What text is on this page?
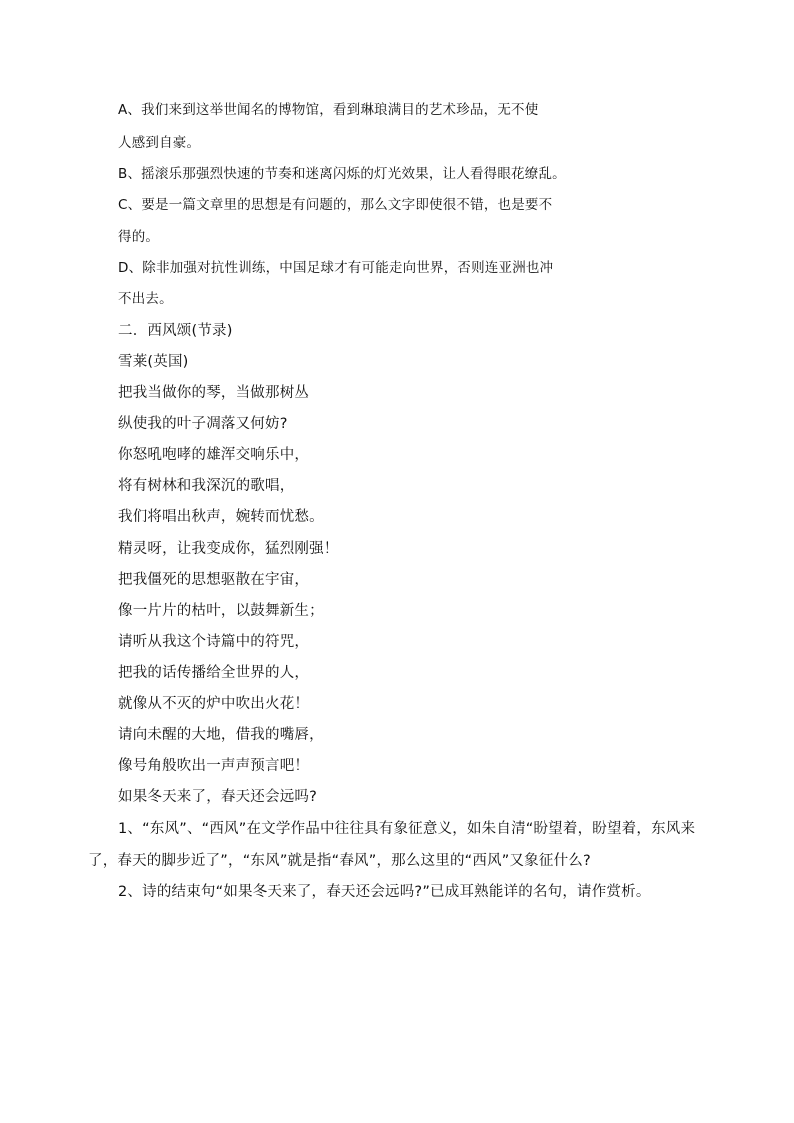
A、我们来到这举世闻名的博物馆，看到琳琅满目的艺术珍品，无不使
人感到自豪。
B、摇滚乐那强烈快速的节奏和迷离闪烁的灯光效果，让人看得眼花缭乱。
C、要是一篇文章里的思想是有问题的，那么文字即使很不错，也是要不
得的。
D、除非加强对抗性训练，中国足球才有可能走向世界，否则连亚洲也冲
不出去。
二．西风颂(节录)
雪莱(英国)
把我当做你的琴，当做那树丛
纵使我的叶子凋落又何妨?
你怒吼咆哮的雄浑交响乐中，
将有树林和我深沉的歌唱，
我们将唱出秋声，婉转而忧愁。
精灵呀，让我变成你，猛烈刚强！
把我僵死的思想驱散在宇宙，
像一片片的枯叶，以鼓舞新生；
请听从我这个诗篇中的符咒，
把我的话传播给全世界的人，
就像从不灭的炉中吹出火花！
请向未醒的大地，借我的嘴唇，
像号角般吹出一声声预言吧！
如果冬天来了，春天还会远吗?
1、“东风”、“西风”在文学作品中往往具有象征意义，如朱自清“盼望着，盼望着，东风来
了，春天的脚步近了”，“东风”就是指“春风”，那么这里的“西风”又象征什么?
2、诗的结束句“如果冬天来了，春天还会远吗?”已成耳熟能详的名句，请作赏析。
